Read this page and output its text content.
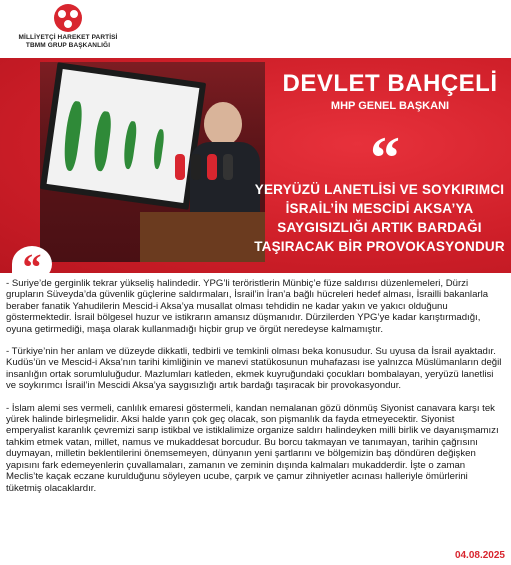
MİLLİYETÇİ HAREKET PARTİSİ
TBMM GRUP BAŞKANLIĞI
DEVLET BAHÇELİ
MHP GENEL BAŞKANI
“
YERYÜZÜ LANETLİSİ VE SOYKIRIMCI
İSRAİL’İN MESCİDİ AKSA’YA
SAYGISIZLIĞI ARTIK BARDAĞI
TAŞIRACAK BİR PROVOKASYONDUR
“

- Suriye’de gerginlik tekrar yükseliş halindedir. YPG’li teröristlerin Münbiç’e füze saldırısı düzenlemeleri, Dürzi grupların Süveyda’da güvenlik güçlerine saldırmaları, İsrail’in İran’a bağlı hücreleri hedef alması, İsrailli bakanlarla beraber fanatik Yahudilerin Mescid-i Aksa’ya musallat olması tehdidin ne kadar yakın ve yakıcı olduğunu göstermektedir. İsrail bölgesel huzur ve istikrarın amansız düşmanıdır. Dürzilerden YPG’ye kadar karıştırmadığı, oyuna getirmediği, maşa olarak kullanmadığı hiçbir grup ve örgüt neredeyse kalmamıştır.

- Türkiye’nin her anlam ve düzeyde dikkatli, tedbirli ve temkinli olması beka konusudur. Su uyusa da İsrail ayaktadır. Kudüs’ün ve Mescid-i Aksa’nın tarihi kimliğinin ve manevi statükosunun muhafazası ise yalnızca Müslümanların değil insanlığın ortak sorumluluğudur. Mazlumları katleden, ekmek kuyruğundaki çocukları bombalayan, yeryüzü lanetlisi ve soykırımcı İsrail’in Mescidi Aksa’ya saygısızlığı artık bardağı taşıracak bir provokasyondur.

- İslam alemi ses vermeli, canlılık emaresi göstermeli, kandan nemalanan gözü dönmüş Siyonist canavara karşı tek yürek halinde birleşmelidir. Aksi halde yarın çok geç olacak, son pişmanlık da fayda etmeyecektir. Siyonist emperyalist karanlık çevremizi sarıp istikbal ve istiklalimize organize saldırı halindeyken milli birlik ve dayanışmamızı tahkim etmek vatan, millet, namus ve mukaddesat borcudur. Bu borcu takmayan ve tanımayan, tarihin çağrısını duymayan, milletin beklentilerini önemsemeyen, dünyanın yeni şartlarını ve bölgemizin baş döndüren değişken yapısını fark edemeyenlerin çuvallamaları, zamanın ve zeminin dışında kalmaları mukadderdir. İşte o zaman Meclis’te kaçak eczane kurulduğunu söyleyen ucube, çarpık ve çamur zihniyetler acınası halleriyle ömürlerini tüketmiş olacaklardır.

04.08.2025
